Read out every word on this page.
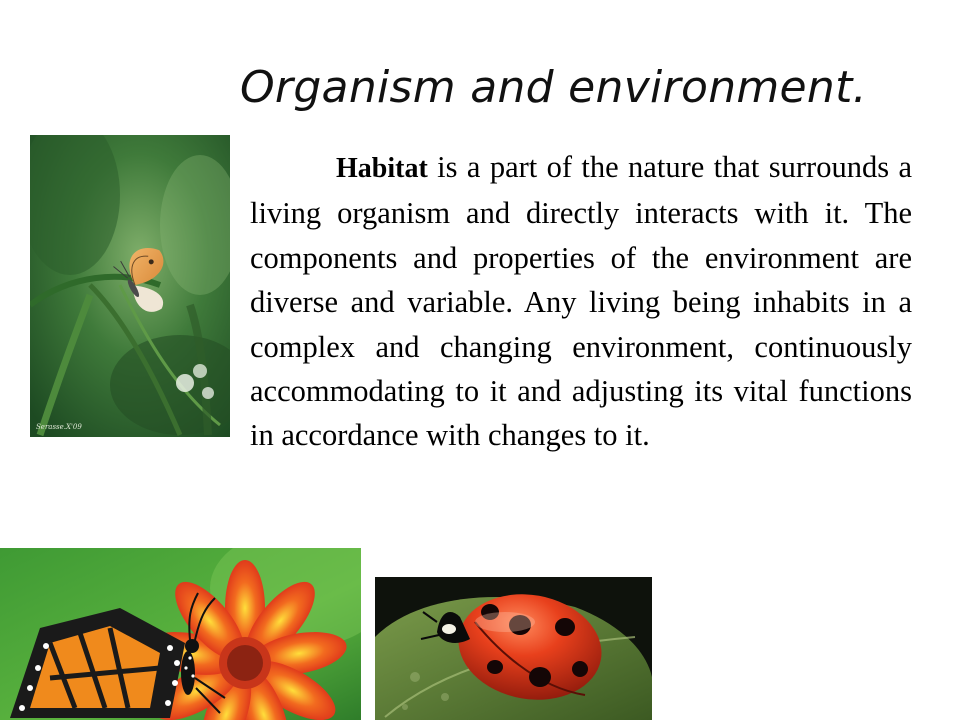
Organism and environment.
Serasse.X'09
Habitat is a part of the nature that surrounds a living organism and directly interacts with it. The components and properties of the environment are diverse and variable. Any living being inhabits in a complex and changing environment, continuously accommodating to it and adjusting its vital functions in accordance with changes to it.
